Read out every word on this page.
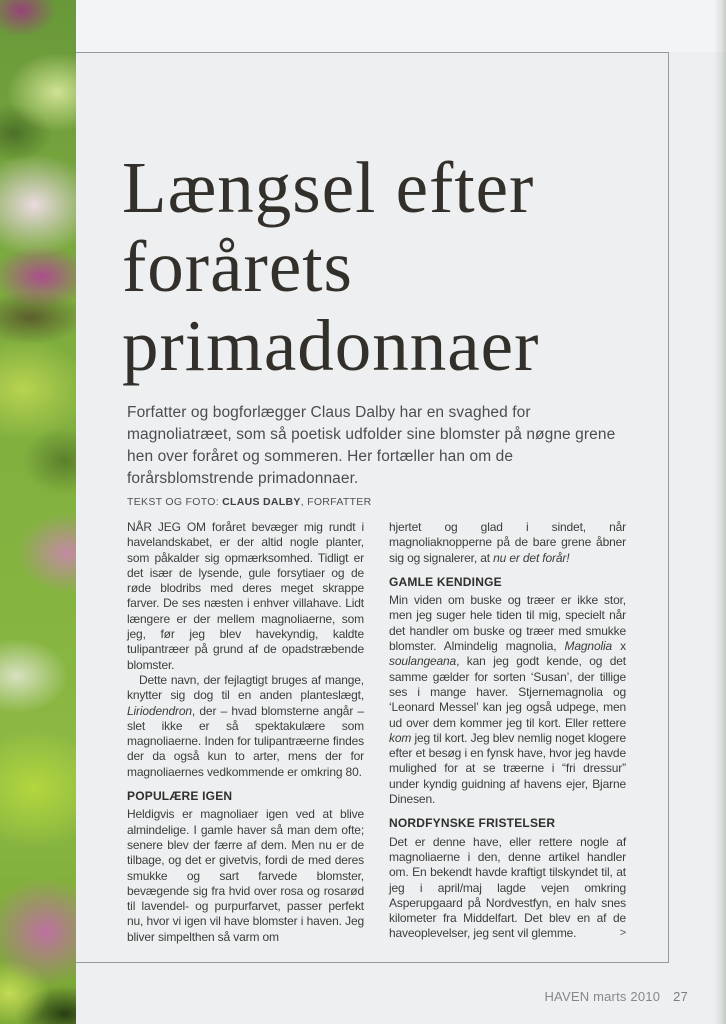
Længsel efter
forårets
primadonnaer
Forfatter og bogforlægger Claus Dalby har en svaghed for magnoliatræet, som så poetisk udfolder sine blomster på nøgne grene hen over foråret og sommeren. Her fortæller han om de forårsblomstrende primadonnaer.
TEKST OG FOTO: CLAUS DALBY, FORFATTER

NÅR JEG OM foråret bevæger mig rundt i havelandskabet, er der altid nogle planter, som påkalder sig opmærksomhed. Tidligt er det især de lysende, gule forsytiaer og de røde blodribs med deres meget skrappe farver. De ses næsten i enhver villahave. Lidt længere er der mellem magnoliaerne, som jeg, før jeg blev havekyndig, kaldte tulipantræer på grund af de opadstræbende blomster.

Dette navn, der fejlagtigt bruges af mange, knytter sig dog til en anden planteslægt, Liriodendron, der – hvad blomsterne angår – slet ikke er så spektakulære som magnoliaerne. Inden for tulipantræerne findes der da også kun to arter, mens der for magnoliaernes vedkommende er omkring 80.

POPULÆRE IGEN

Heldigvis er magnoliaer igen ved at blive almindelige. I gamle haver så man dem ofte; senere blev der færre af dem. Men nu er de tilbage, og det er givetvis, fordi de med deres smukke og sart farvede blomster, bevægende sig fra hvid over rosa og rosarød til lavendel- og purpurfarvet, passer perfekt nu, hvor vi igen vil have blomster i haven. Jeg bliver simpelthen så varm om

hjertet og glad i sindet, når magnoliaknopperne på de bare grene åbner sig og signalerer, at nu er det forår!

GAMLE KENDINGE

Min viden om buske og træer er ikke stor, men jeg suger hele tiden til mig, specielt når det handler om buske og træer med smukke blomster. Almindelig magnolia, Magnolia x soulangeana, kan jeg godt kende, og det samme gælder for sorten ‘Susan’, der tillige ses i mange haver. Stjernemagnolia og ‘Leonard Messel’ kan jeg også udpege, men ud over dem kommer jeg til kort. Eller rettere kom jeg til kort. Jeg blev nemlig noget klogere efter et besøg i en fynsk have, hvor jeg havde mulighed for at se træerne i “fri dressur” under kyndig guidning af havens ejer, Bjarne Dinesen.

NORDFYNSKE FRISTELSER

Det er denne have, eller rettere nogle af magnoliaerne i den, denne artikel handler om. En bekendt havde kraftigt tilskyndet til, at jeg i april/maj lagde vejen omkring Asperupgaard på Nordvestfyn, en halv snes kilometer fra Middelfart. Det blev en af de haveoplevelser, jeg sent vil glemme.	>

HAVEN marts 2010 27
